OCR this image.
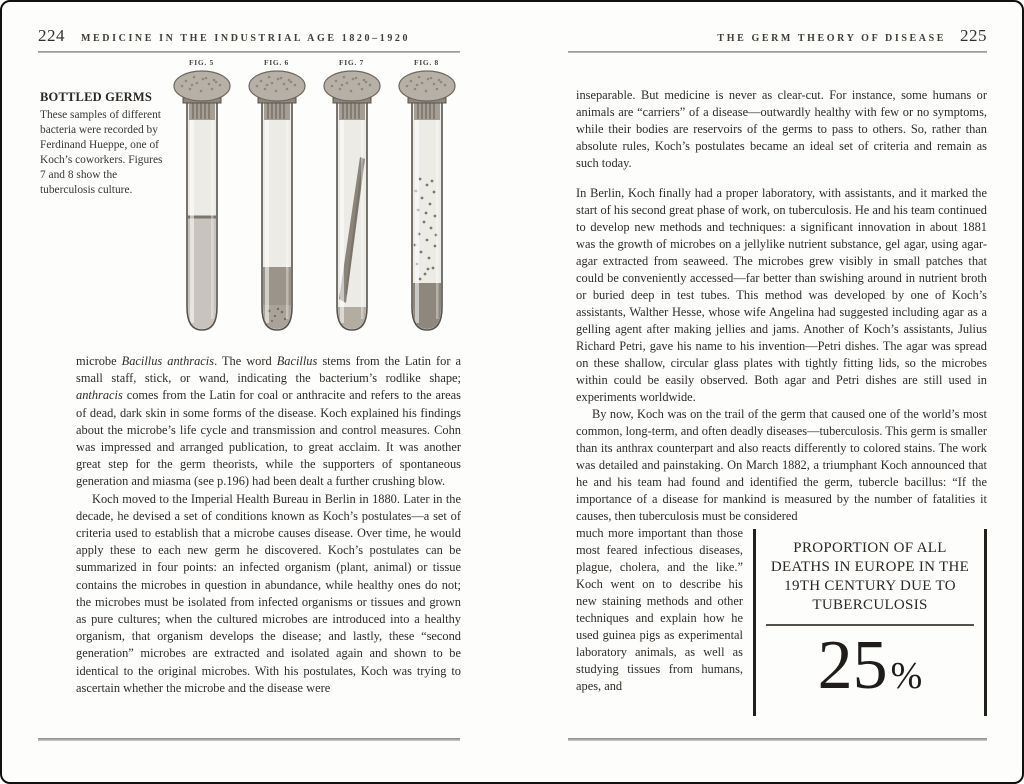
224 MEDICINE IN THE INDUSTRIAL AGE 1820–1920	THE GERM THEORY OF DISEASE 225
BOTTLED GERMS
These samples of different bacteria were recorded by Ferdinand Hueppe, one of Koch’s coworkers. Figures 7 and 8 show the tuberculosis culture.
FIG. 5	FIG. 6	FIG. 7	FIG. 8

microbe Bacillus anthracis. The word Bacillus stems from the Latin for a small staff, stick, or wand, indicating the bacterium’s rodlike shape; anthracis comes from the Latin for coal or anthracite and refers to the areas of dead, dark skin in some forms of the disease. Koch explained his findings about the microbe’s life cycle and transmission and control measures. Cohn was impressed and arranged publication, to great acclaim. It was another great step for the germ theorists, while the supporters of spontaneous generation and miasma (see p.196) had been dealt a further crushing blow.

Koch moved to the Imperial Health Bureau in Berlin in 1880. Later in the decade, he devised a set of conditions known as Koch’s postulates—a set of criteria used to establish that a microbe causes disease. Over time, he would apply these to each new germ he discovered. Koch’s postulates can be summarized in four points: an infected organism (plant, animal) or tissue contains the microbes in question in abundance, while healthy ones do not; the microbes must be isolated from infected organisms or tissues and grown as pure cultures; when the cultured microbes are introduced into a healthy organism, that organism develops the disease; and lastly, these “second generation” microbes are extracted and isolated again and shown to be identical to the original microbes. With his postulates, Koch was trying to ascertain whether the microbe and the disease were

inseparable. But medicine is never as clear-cut. For instance, some humans or animals are “carriers” of a disease—outwardly healthy with few or no symptoms, while their bodies are reservoirs of the germs to pass to others. So, rather than absolute rules, Koch’s postulates became an ideal set of criteria and remain as such today.

In Berlin, Koch finally had a proper laboratory, with assistants, and it marked the start of his second great phase of work, on tuberculosis. He and his team continued to develop new methods and techniques: a significant innovation in about 1881 was the growth of microbes on a jellylike nutrient substance, gel agar, using agar-agar extracted from seaweed. The microbes grew visibly in small patches that could be conveniently accessed—far better than swishing around in nutrient broth or buried deep in test tubes. This method was developed by one of Koch’s assistants, Walther Hesse, whose wife Angelina had suggested including agar as a gelling agent after making jellies and jams. Another of Koch’s assistants, Julius Richard Petri, gave his name to his invention—Petri dishes. The agar was spread on these shallow, circular glass plates with tightly fitting lids, so the microbes within could be easily observed. Both agar and Petri dishes are still used in experiments worldwide.

By now, Koch was on the trail of the germ that caused one of the world’s most common, long-term, and often deadly diseases—tuberculosis. This germ is smaller than its anthrax counterpart and also reacts differently to colored stains. The work was detailed and painstaking. On March 1882, a triumphant Koch announced that he and his team had found and identified the germ, tubercle bacillus: “If the importance of a disease for mankind is measured by the number of fatalities it causes, then tuberculosis must be considered

PROPORTION OF ALL DEATHS IN EUROPE IN THE 19TH CENTURY DUE TO TUBERCULOSIS
25%

much more important than those most feared infectious diseases, plague, cholera, and the like.” Koch went on to describe his new staining methods and other techniques and explain how he used guinea pigs as experimental laboratory animals, as well as studying tissues from humans, apes, and
